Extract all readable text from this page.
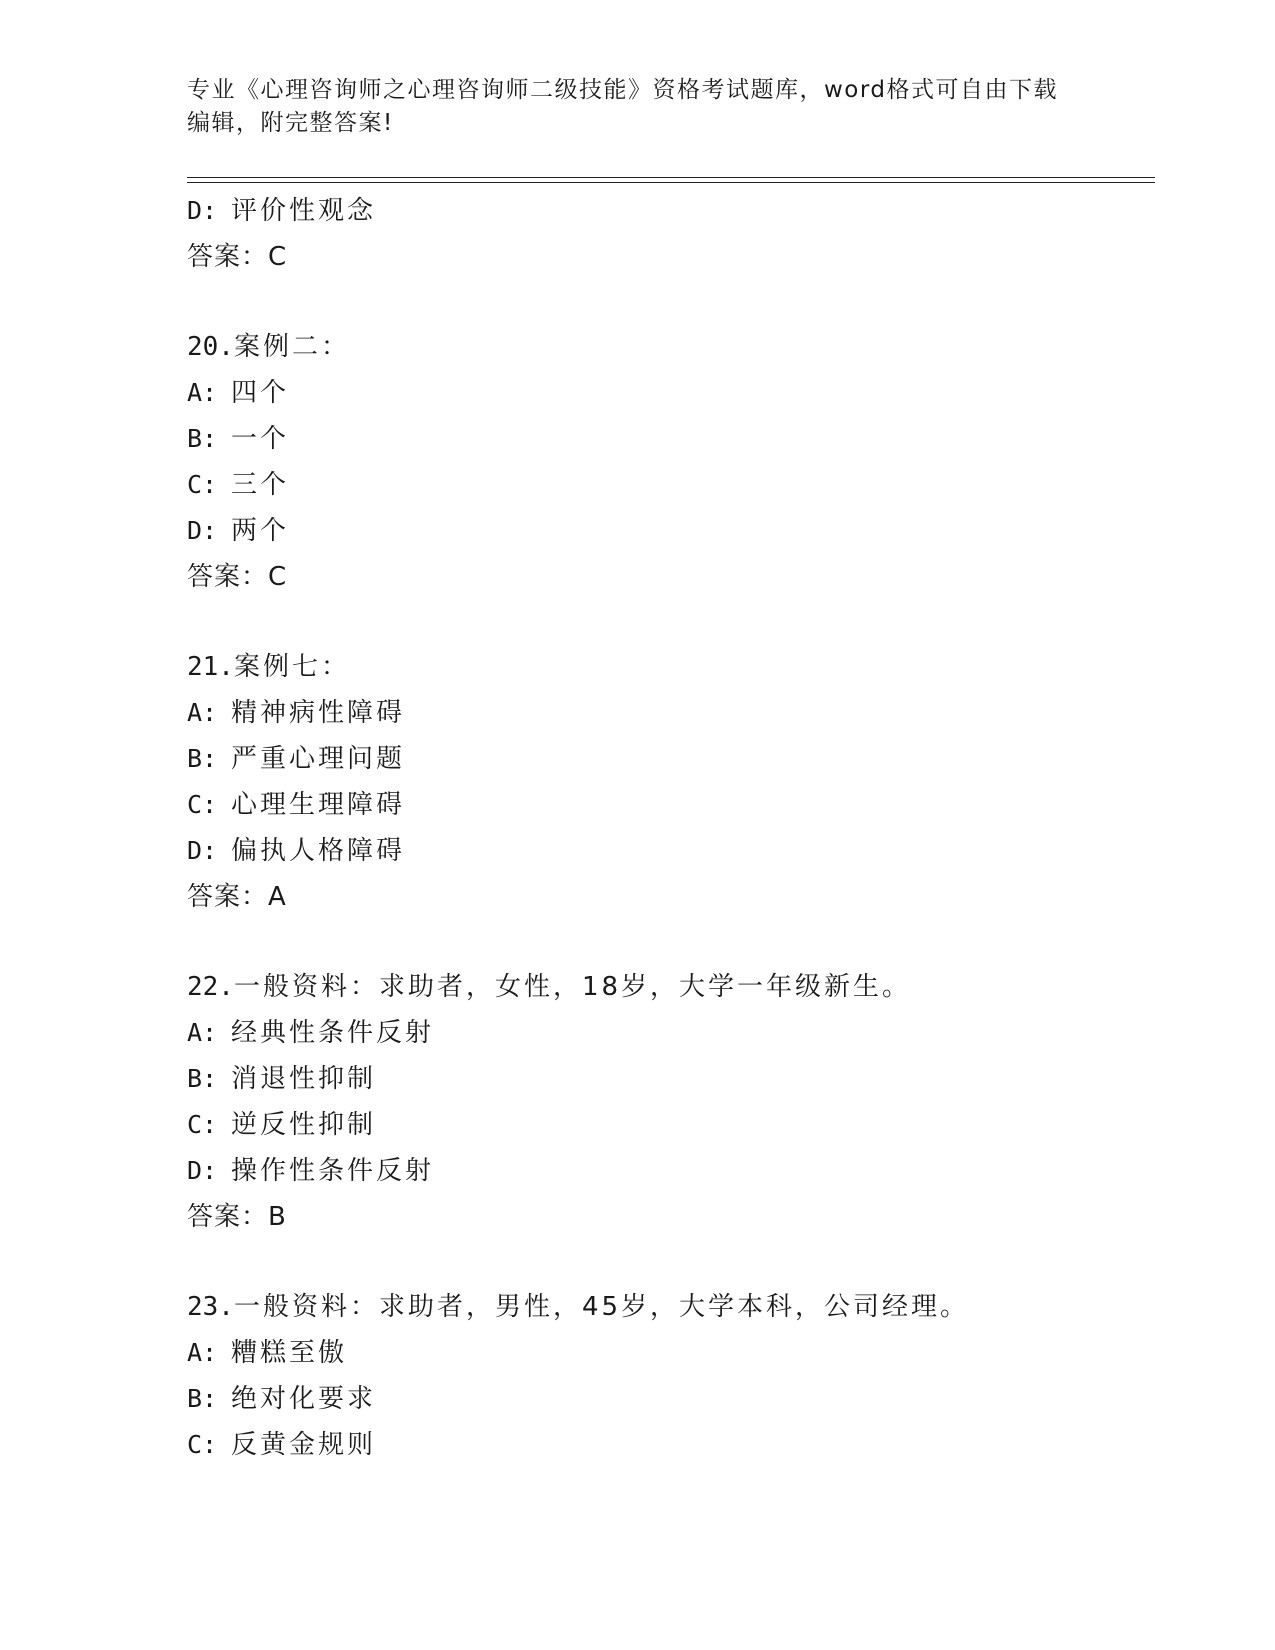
专业《心理咨询师之心理咨询师二级技能》资格考试题库，word格式可自由下载
编辑，附完整答案!
D: 评价性观念
答案：C
20.案例二：
A: 四个
B: 一个
C: 三个
D: 两个
答案：C
21.案例七：
A: 精神病性障碍
B: 严重心理问题
C: 心理生理障碍
D: 偏执人格障碍
答案：A
22.一般资料：求助者，女性，18岁，大学一年级新生。
A: 经典性条件反射
B: 消退性抑制
C: 逆反性抑制
D: 操作性条件反射
答案：B
23.一般资料：求助者，男性，45岁，大学本科，公司经理。
A: 糟糕至傲
B: 绝对化要求
C: 反黄金规则
